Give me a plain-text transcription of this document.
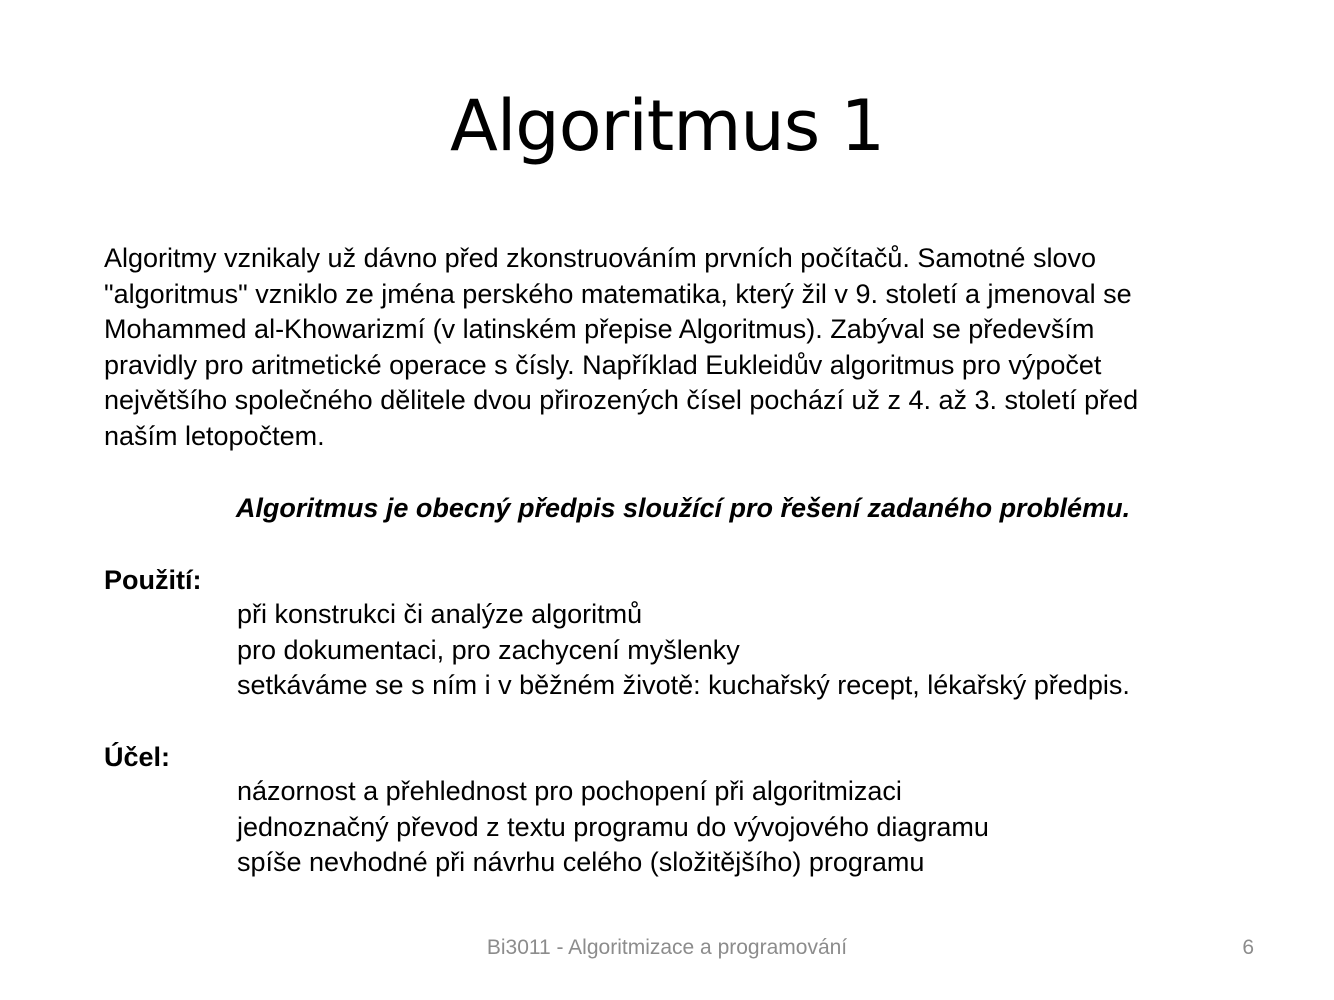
Algoritmus 1

Algoritmy vznikaly už dávno před zkonstruováním prvních počítačů. Samotné slovo
"algoritmus" vzniklo ze jména perského matematika, který žil v 9. století a jmenoval se
Mohammed al-Khowarizmí (v latinském přepise Algoritmus). Zabýval se především
pravidly pro aritmetické operace s čísly. Například Eukleidův algoritmus pro výpočet
největšího společného dělitele dvou přirozených čísel pochází už z 4. až 3. století před
naším letopočtem.

Algoritmus je obecný předpis sloužící pro řešení zadaného problému.
Použití:
při konstrukci či analýze algoritmů
pro dokumentaci, pro zachycení myšlenky
setkáváme se s ním i v běžném životě: kuchařský recept, lékařský předpis.
Účel:
názornost a přehlednost pro pochopení při algoritmizaci
jednoznačný převod z textu programu do vývojového diagramu
spíše nevhodné při návrhu celého (složitějšího) programu
Bi3011 - Algoritmizace a programování	6
